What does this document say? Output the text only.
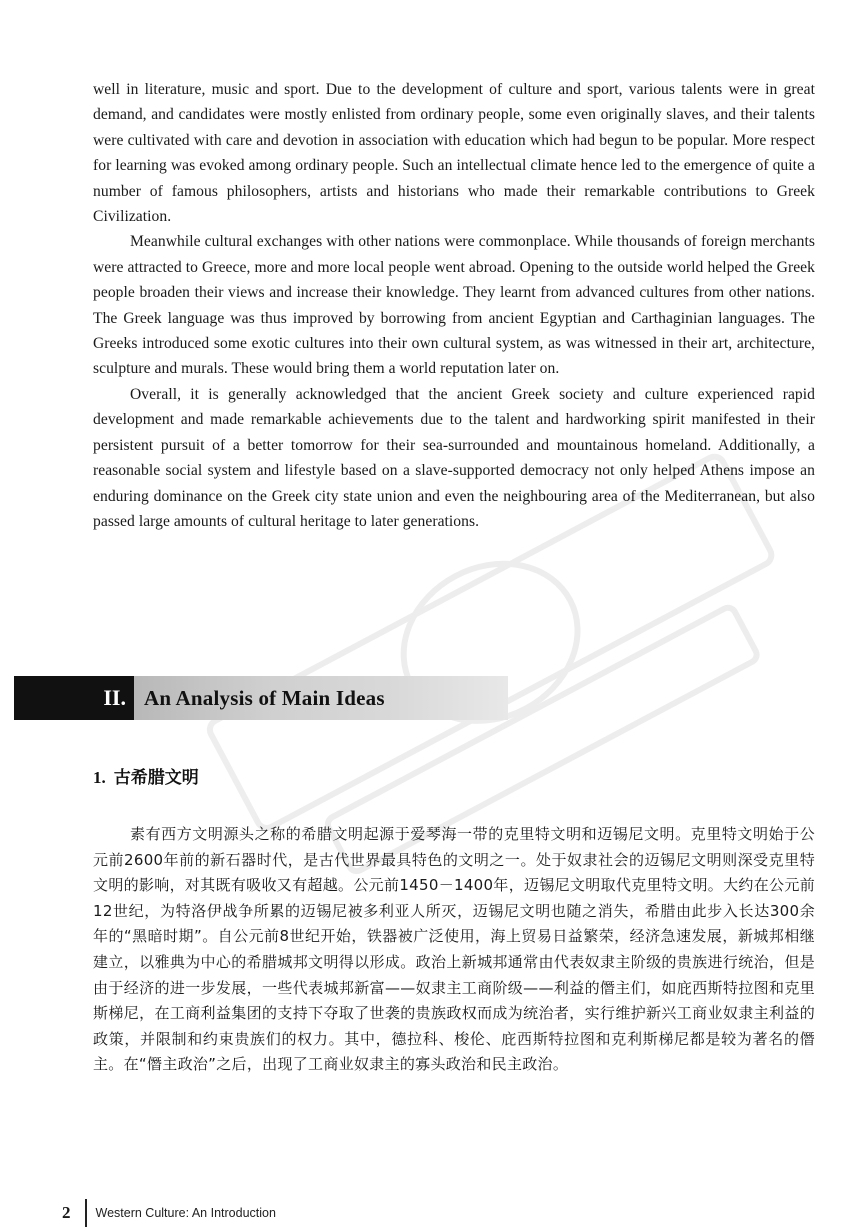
well in literature, music and sport. Due to the development of culture and sport, various talents were in great demand, and candidates were mostly enlisted from ordinary people, some even originally slaves, and their talents were cultivated with care and devotion in association with education which had begun to be popular. More respect for learning was evoked among ordinary people. Such an intellectual climate hence led to the emergence of quite a number of famous philosophers, artists and historians who made their remarkable contributions to Greek Civilization.

Meanwhile cultural exchanges with other nations were commonplace. While thousands of foreign merchants were attracted to Greece, more and more local people went abroad. Opening to the outside world helped the Greek people broaden their views and increase their knowledge. They learnt from advanced cultures from other nations. The Greek language was thus improved by borrowing from ancient Egyptian and Carthaginian languages. The Greeks introduced some exotic cultures into their own cultural system, as was witnessed in their art, architecture, sculpture and murals. These would bring them a world reputation later on.

Overall, it is generally acknowledged that the ancient Greek society and culture experienced rapid development and made remarkable achievements due to the talent and hardworking spirit manifested in their persistent pursuit of a better tomorrow for their sea-surrounded and mountainous homeland. Additionally, a reasonable social system and lifestyle based on a slave-supported democracy not only helped Athens impose an enduring dominance on the Greek city state union and even the neighbouring area of the Mediterranean, but also passed large amounts of cultural heritage to later generations.

II. An Analysis of Main Ideas
1. 古希腊文明

素有西方文明源头之称的希腊文明起源于爱琴海一带的克里特文明和迈锡尼文明。克里特文明始于公元前2600年前的新石器时代，是古代世界最具特色的文明之一。处于奴隶社会的迈锡尼文明则深受克里特文明的影响，对其既有吸收又有超越。公元前1450－1400年，迈锡尼文明取代克里特文明。大约在公元前12世纪，为特洛伊战争所累的迈锡尼被多利亚人所灭，迈锡尼文明也随之消失，希腊由此步入长达300余年的“黑暗时期”。自公元前8世纪开始，铁器被广泛使用，海上贸易日益繁荣，经济急速发展，新城邦相继建立，以雅典为中心的希腊城邦文明得以形成。政治上新城邦通常由代表奴隶主阶级的贵族进行统治，但是由于经济的进一步发展，一些代表城邦新富——奴隶主工商阶级——利益的僭主们，如庇西斯特拉图和克里斯梯尼，在工商利益集团的支持下夺取了世袭的贵族政权而成为统治者，实行维护新兴工商业奴隶主利益的政策，并限制和约束贵族们的权力。其中，德拉科、梭伦、庇西斯特拉图和克利斯梯尼都是较为著名的僭主。在“僭主政治”之后，出现了工商业奴隶主的寡头政治和民主政治。

2	Western Culture: An Introduction
